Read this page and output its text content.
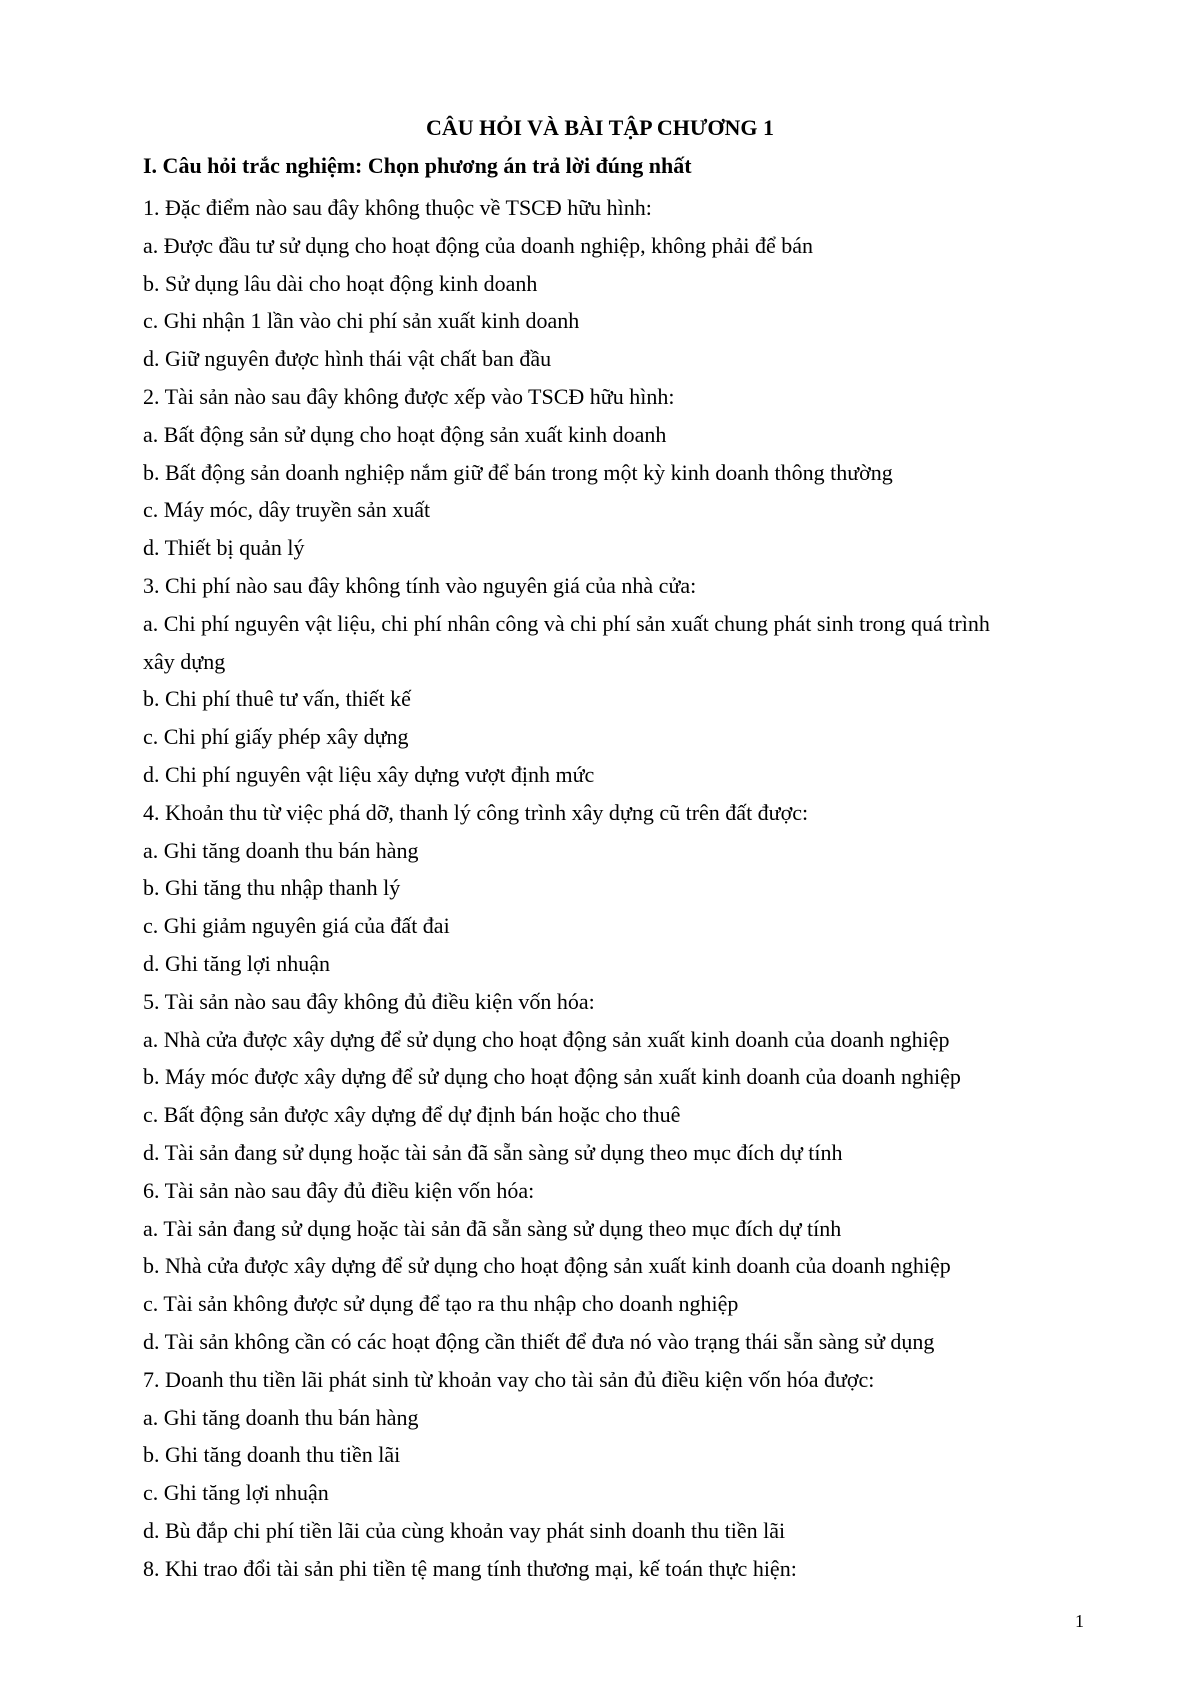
CÂU HỎI VÀ BÀI TẬP CHƯƠNG 1
I. Câu hỏi trắc nghiệm: Chọn phương án trả lời đúng nhất
1. Đặc điểm nào sau đây không thuộc về TSCĐ hữu hình:
a. Được đầu tư sử dụng cho hoạt động của doanh nghiệp, không phải để bán
b. Sử dụng lâu dài cho hoạt động kinh doanh
c. Ghi nhận 1 lần vào chi phí sản xuất kinh doanh
d. Giữ nguyên được hình thái vật chất ban đầu
2. Tài sản nào sau đây không được xếp vào TSCĐ hữu hình:
a. Bất động sản sử dụng cho hoạt động sản xuất kinh doanh
b. Bất động sản doanh nghiệp nắm giữ để bán trong một kỳ kinh doanh thông thường
c. Máy móc, dây truyền sản xuất
d. Thiết bị quản lý
3. Chi phí nào sau đây không tính vào nguyên giá của nhà cửa:
a. Chi phí nguyên vật liệu, chi phí nhân công và chi phí sản xuất chung phát sinh trong quá trình
xây dựng
b. Chi phí thuê tư vấn, thiết kế
c. Chi phí giấy phép xây dựng
d. Chi phí nguyên vật liệu xây dựng vượt định mức
4. Khoản thu từ việc phá dỡ, thanh lý công trình xây dựng cũ trên đất được:
a. Ghi tăng doanh thu bán hàng
b. Ghi tăng thu nhập thanh lý
c. Ghi giảm nguyên giá của đất đai
d. Ghi tăng lợi nhuận
5. Tài sản nào sau đây không đủ điều kiện vốn hóa:
a. Nhà cửa được xây dựng để sử dụng cho hoạt động sản xuất kinh doanh của doanh nghiệp
b. Máy móc được xây dựng để sử dụng cho hoạt động sản xuất kinh doanh của doanh nghiệp
c. Bất động sản được xây dựng để dự định bán hoặc cho thuê
d. Tài sản đang sử dụng hoặc tài sản đã sẵn sàng sử dụng theo mục đích dự tính
6. Tài sản nào sau đây đủ điều kiện vốn hóa:
a. Tài sản đang sử dụng hoặc tài sản đã sẵn sàng sử dụng theo mục đích dự tính
b. Nhà cửa được xây dựng để sử dụng cho hoạt động sản xuất kinh doanh của doanh nghiệp
c. Tài sản không được sử dụng để tạo ra thu nhập cho doanh nghiệp
d. Tài sản không cần có các hoạt động cần thiết để đưa nó vào trạng thái sẵn sàng sử dụng
7. Doanh thu tiền lãi phát sinh từ khoản vay cho tài sản đủ điều kiện vốn hóa được:
a. Ghi tăng doanh thu bán hàng
b. Ghi tăng doanh thu tiền lãi
c. Ghi tăng lợi nhuận
d. Bù đắp chi phí tiền lãi của cùng khoản vay phát sinh doanh thu tiền lãi
8. Khi trao đổi tài sản phi tiền tệ mang tính thương mại, kế toán thực hiện:
1
